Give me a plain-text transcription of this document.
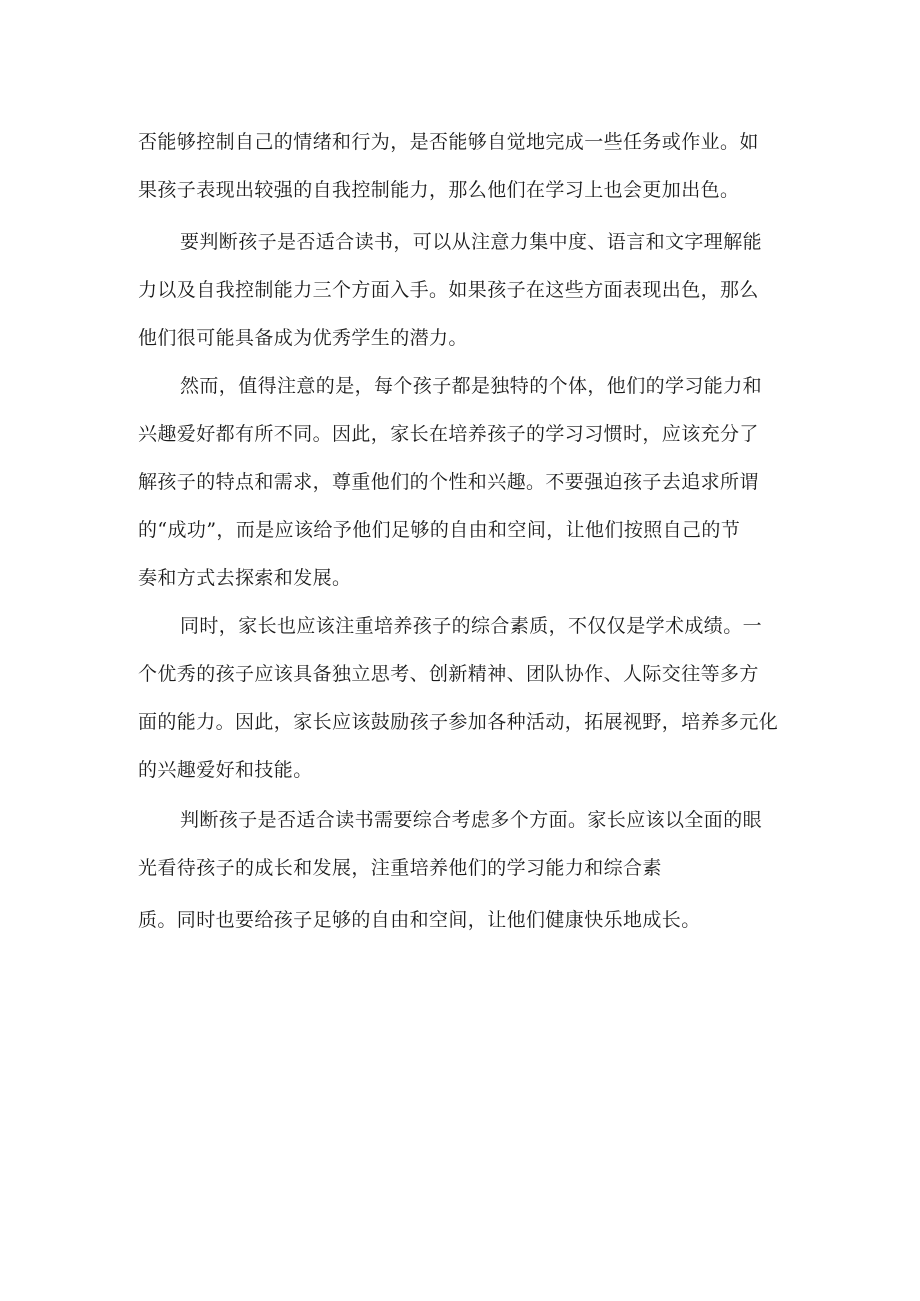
否能够控制自己的情绪和行为，是否能够自觉地完成一些任务或作业。如
果孩子表现出较强的自我控制能力，那么他们在学习上也会更加出色。
要判断孩子是否适合读书，可以从注意力集中度、语言和文字理解能
力以及自我控制能力三个方面入手。如果孩子在这些方面表现出色，那么
他们很可能具备成为优秀学生的潜力。
然而，值得注意的是，每个孩子都是独特的个体，他们的学习能力和
兴趣爱好都有所不同。因此，家长在培养孩子的学习习惯时，应该充分了
解孩子的特点和需求，尊重他们的个性和兴趣。不要强迫孩子去追求所谓
的“成功”，而是应该给予他们足够的自由和空间，让他们按照自己的节
奏和方式去探索和发展。
同时，家长也应该注重培养孩子的综合素质，不仅仅是学术成绩。一
个优秀的孩子应该具备独立思考、创新精神、团队协作、人际交往等多方
面的能力。因此，家长应该鼓励孩子参加各种活动，拓展视野，培养多元化
的兴趣爱好和技能。
判断孩子是否适合读书需要综合考虑多个方面。家长应该以全面的眼
光看待孩子的成长和发展，注重培养他们的学习能力和综合素
质。同时也要给孩子足够的自由和空间，让他们健康快乐地成长。
